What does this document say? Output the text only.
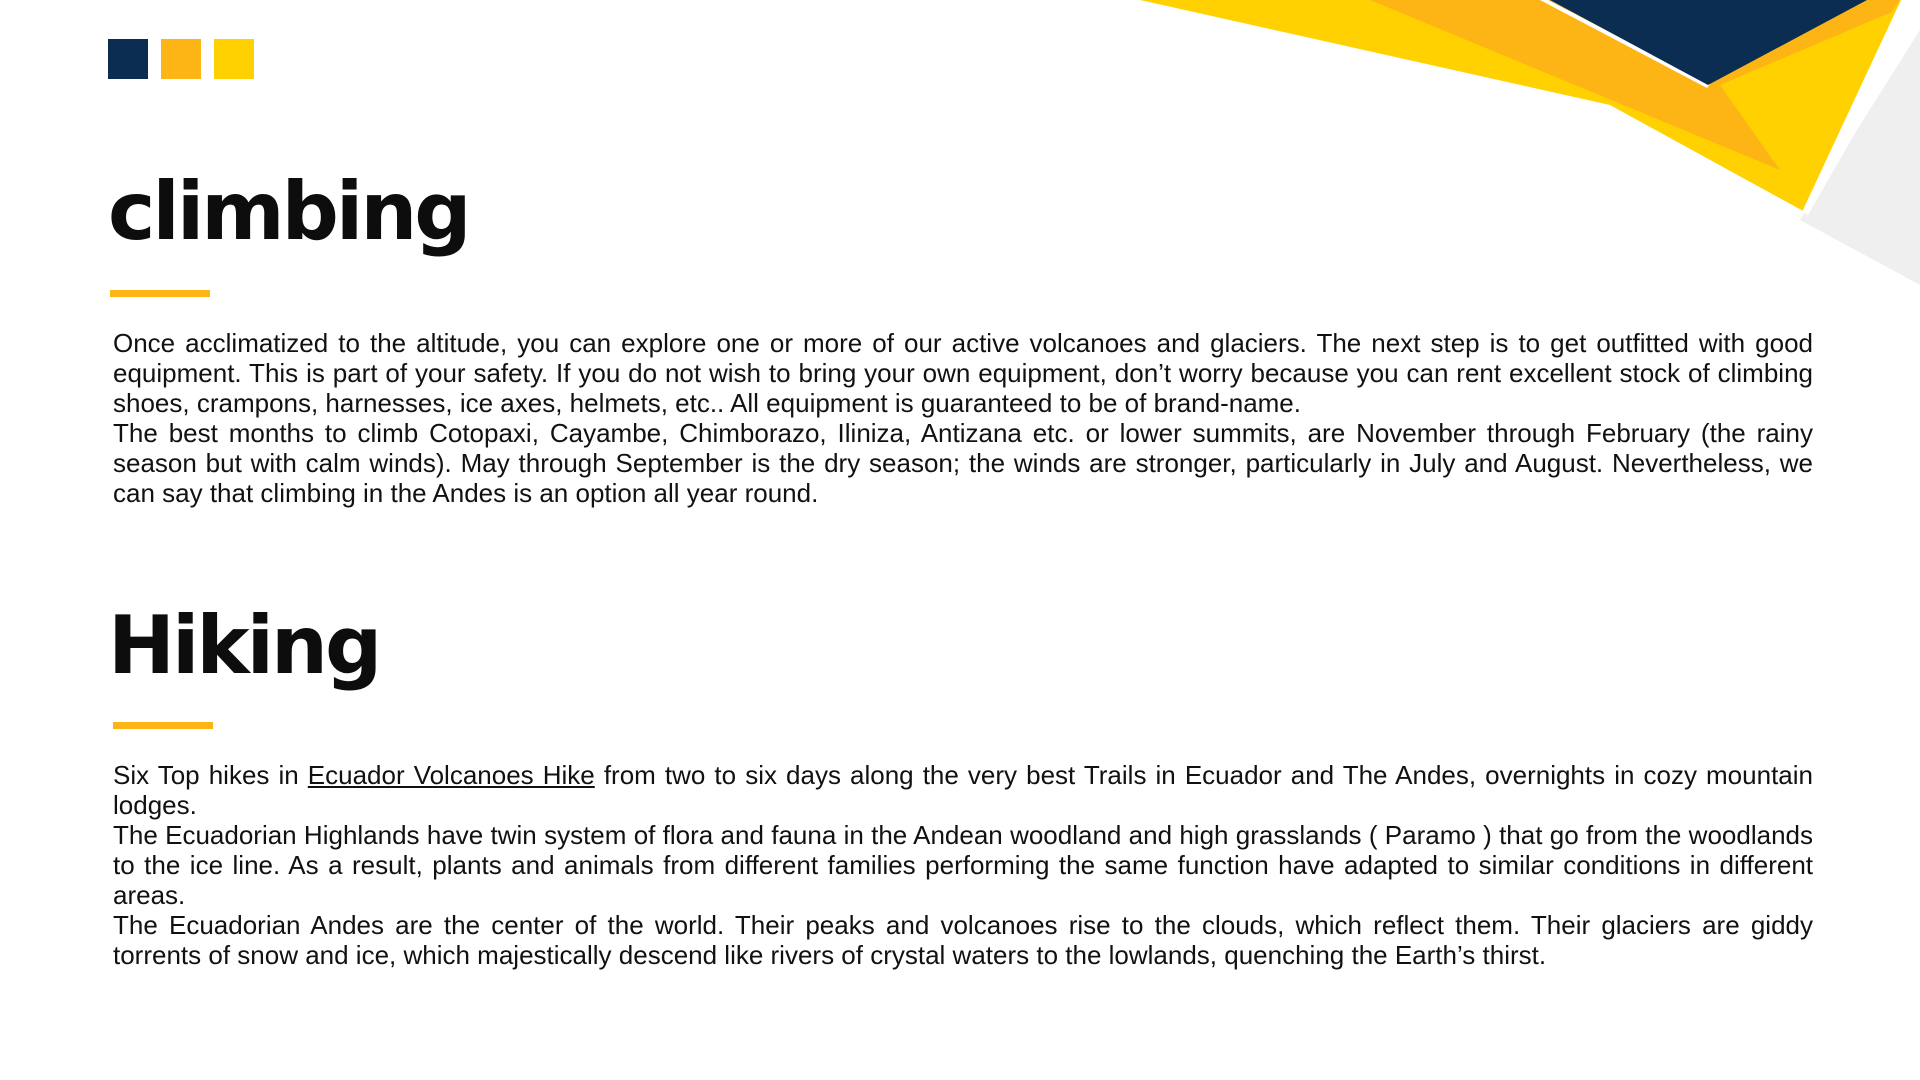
climbing

Once acclimatized to the altitude, you can explore one or more of our active volcanoes and glaciers. The next step is to get outfitted with good equipment. This is part of your safety. If you do not wish to bring your own equipment, don’t worry because you can rent excellent stock of climbing shoes, crampons, harnesses, ice axes, helmets, etc.. All equipment is guaranteed to be of brand-name.

The best months to climb Cotopaxi, Cayambe, Chimborazo, Iliniza, Antizana etc. or lower summits, are November through February (the rainy season but with calm winds). May through September is the dry season; the winds are stronger, particularly in July and August. Nevertheless, we can say that climbing in the Andes is an option all year round.

Hiking

Six Top hikes in Ecuador Volcanoes Hike from two to six days along the very best Trails in Ecuador and The Andes, overnights in cozy mountain lodges.

The Ecuadorian Highlands have twin system of flora and fauna in the Andean woodland and high grasslands ( Paramo ) that go from the woodlands to the ice line. As a result, plants and animals from different families performing the same function have adapted to similar conditions in different areas.

The Ecuadorian Andes are the center of the world. Their peaks and volcanoes rise to the clouds, which reflect them. Their glaciers are giddy torrents of snow and ice, which majestically descend like rivers of crystal waters to the lowlands, quenching the Earth’s thirst.
